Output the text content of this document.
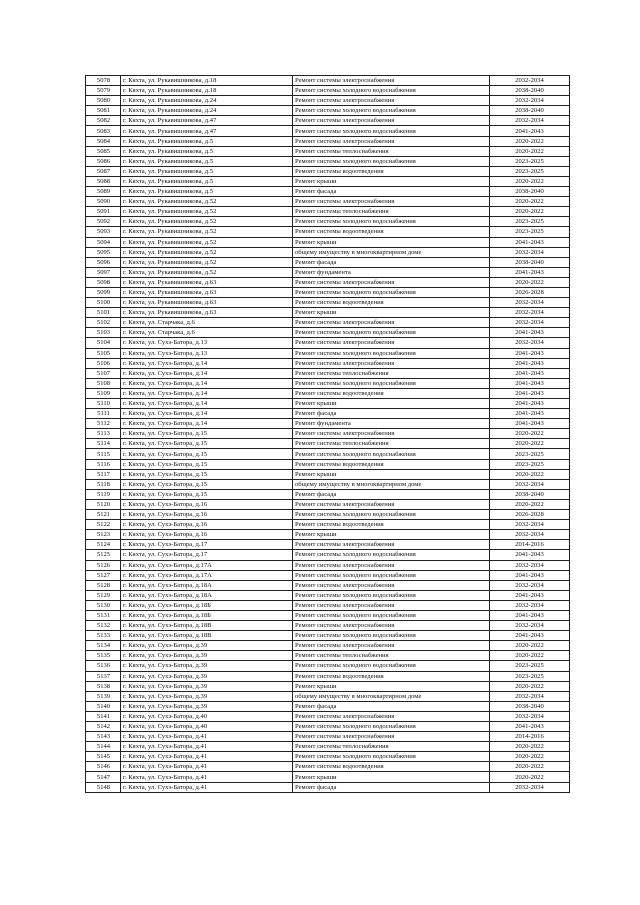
5078	г. Кяхта, ул. Рукавишникова, д.18	Ремонт системы электроснабжения	2032-2034
5079	г. Кяхта, ул. Рукавишникова, д.18	Ремонт системы холодного водоснабжения	2038-2040
5080	г. Кяхта, ул. Рукавишникова, д.24	Ремонт системы электроснабжения	2032-2034
5081	г. Кяхта, ул. Рукавишникова, д.24	Ремонт системы холодного водоснабжения	2038-2040
5082	г. Кяхта, ул. Рукавишникова, д.47	Ремонт системы электроснабжения	2032-2034
5083	г. Кяхта, ул. Рукавишникова, д.47	Ремонт системы холодного водоснабжения	2041-2043
5084	г. Кяхта, ул. Рукавишникова, д.5	Ремонт системы электроснабжения	2020-2022
5085	г. Кяхта, ул. Рукавишникова, д.5	Ремонт системы теплоснабжения	2020-2022
5086	г. Кяхта, ул. Рукавишникова, д.5	Ремонт системы холодного водоснабжения	2023-2025
5087	г. Кяхта, ул. Рукавишникова, д.5	Ремонт системы водоотведения	2023-2025
5088	г. Кяхта, ул. Рукавишникова, д.5	Ремонт крыши	2020-2022
5089	г. Кяхта, ул. Рукавишникова, д.5	Ремонт фасада	2038-2040
5090	г. Кяхта, ул. Рукавишникова, д.52	Ремонт системы электроснабжения	2020-2022
5091	г. Кяхта, ул. Рукавишникова, д.52	Ремонт системы теплоснабжения	2020-2022
5092	г. Кяхта, ул. Рукавишникова, д.52	Ремонт системы холодного водоснабжения	2023-2025
5093	г. Кяхта, ул. Рукавишникова, д.52	Ремонт системы водоотведения	2023-2025
5094	г. Кяхта, ул. Рукавишникова, д.52	Ремонт крыши	2041-2043
5095	г. Кяхта, ул. Рукавишникова, д.52	общему имуществу в многоквартирном доме	2032-2034
5096	г. Кяхта, ул. Рукавишникова, д.52	Ремонт фасада	2038-2040
5097	г. Кяхта, ул. Рукавишникова, д.52	Ремонт фундамента	2041-2043
5098	г. Кяхта, ул. Рукавишникова, д.63	Ремонт системы электроснабжения	2020-2022
5099	г. Кяхта, ул. Рукавишникова, д.63	Ремонт системы холодного водоснабжения	2026-2028
5100	г. Кяхта, ул. Рукавишникова, д.63	Ремонт системы водоотведения	2032-2034
5101	г. Кяхта, ул. Рукавишникова, д.63	Ремонт крыши	2032-2034
5102	г. Кяхта, ул. Старчака, д.6	Ремонт системы электроснабжения	2032-2034
5103	г. Кяхта, ул. Старчака, д.6	Ремонт системы холодного водоснабжения	2041-2043
5104	г. Кяхта, ул. Сухэ-Батора, д.13	Ремонт системы электроснабжения	2032-2034
5105	г. Кяхта, ул. Сухэ-Батора, д.13	Ремонт системы холодного водоснабжения	2041-2043
5106	г. Кяхта, ул. Сухэ-Батора, д.14	Ремонт системы электроснабжения	2041-2043
5107	г. Кяхта, ул. Сухэ-Батора, д.14	Ремонт системы теплоснабжения	2041-2043
5108	г. Кяхта, ул. Сухэ-Батора, д.14	Ремонт системы холодного водоснабжения	2041-2043
5109	г. Кяхта, ул. Сухэ-Батора, д.14	Ремонт системы водоотведения	2041-2043
5110	г. Кяхта, ул. Сухэ-Батора, д.14	Ремонт крыши	2041-2043
5111	г. Кяхта, ул. Сухэ-Батора, д.14	Ремонт фасада	2041-2043
5112	г. Кяхта, ул. Сухэ-Батора, д.14	Ремонт фундамента	2041-2043
5113	г. Кяхта, ул. Сухэ-Батора, д.15	Ремонт системы электроснабжения	2020-2022
5114	г. Кяхта, ул. Сухэ-Батора, д.15	Ремонт системы теплоснабжения	2020-2022
5115	г. Кяхта, ул. Сухэ-Батора, д.15	Ремонт системы холодного водоснабжения	2023-2025
5116	г. Кяхта, ул. Сухэ-Батора, д.15	Ремонт системы водоотведения	2023-2025
5117	г. Кяхта, ул. Сухэ-Батора, д.15	Ремонт крыши	2020-2022
5118	г. Кяхта, ул. Сухэ-Батора, д.15	общему имуществу в многоквартирном доме	2032-2034
5119	г. Кяхта, ул. Сухэ-Батора, д.15	Ремонт фасада	2038-2040
5120	г. Кяхта, ул. Сухэ-Батора, д.16	Ремонт системы электроснабжения	2020-2022
5121	г. Кяхта, ул. Сухэ-Батора, д.16	Ремонт системы холодного водоснабжения	2026-2028
5122	г. Кяхта, ул. Сухэ-Батора, д.16	Ремонт системы водоотведения	2032-2034
5123	г. Кяхта, ул. Сухэ-Батора, д.16	Ремонт крыши	2032-2034
5124	г. Кяхта, ул. Сухэ-Батора, д.17	Ремонт системы электроснабжения	2014-2016
5125	г. Кяхта, ул. Сухэ-Батора, д.17	Ремонт системы холодного водоснабжения	2041-2043
5126	г. Кяхта, ул. Сухэ-Батора, д.17А	Ремонт системы электроснабжения	2032-2034
5127	г. Кяхта, ул. Сухэ-Батора, д.17А	Ремонт системы холодного водоснабжения	2041-2043
5128	г. Кяхта, ул. Сухэ-Батора, д.18А	Ремонт системы электроснабжения	2032-2034
5129	г. Кяхта, ул. Сухэ-Батора, д.18А	Ремонт системы холодного водоснабжения	2041-2043
5130	г. Кяхта, ул. Сухэ-Батора, д.18Б	Ремонт системы электроснабжения	2032-2034
5131	г. Кяхта, ул. Сухэ-Батора, д.18Б	Ремонт системы холодного водоснабжения	2041-2043
5132	г. Кяхта, ул. Сухэ-Батора, д.18В	Ремонт системы электроснабжения	2032-2034
5133	г. Кяхта, ул. Сухэ-Батора, д.18В	Ремонт системы холодного водоснабжения	2041-2043
5134	г. Кяхта, ул. Сухэ-Батора, д.39	Ремонт системы электроснабжения	2020-2022
5135	г. Кяхта, ул. Сухэ-Батора, д.39	Ремонт системы теплоснабжения	2020-2022
5136	г. Кяхта, ул. Сухэ-Батора, д.39	Ремонт системы холодного водоснабжения	2023-2025
5137	г. Кяхта, ул. Сухэ-Батора, д.39	Ремонт системы водоотведения	2023-2025
5138	г. Кяхта, ул. Сухэ-Батора, д.39	Ремонт крыши	2020-2022
5139	г. Кяхта, ул. Сухэ-Батора, д.39	общему имуществу в многоквартирном доме	2032-2034
5140	г. Кяхта, ул. Сухэ-Батора, д.39	Ремонт фасада	2038-2040
5141	г. Кяхта, ул. Сухэ-Батора, д.40	Ремонт системы электроснабжения	2032-2034
5142	г. Кяхта, ул. Сухэ-Батора, д.40	Ремонт системы холодного водоснабжения	2041-2043
5143	г. Кяхта, ул. Сухэ-Батора, д.41	Ремонт системы электроснабжения	2014-2016
5144	г. Кяхта, ул. Сухэ-Батора, д.41	Ремонт системы теплоснабжения	2020-2022
5145	г. Кяхта, ул. Сухэ-Батора, д.41	Ремонт системы холодного водоснабжения	2020-2022
5146	г. Кяхта, ул. Сухэ-Батора, д.41	Ремонт системы водоотведения	2020-2022
5147	г. Кяхта, ул. Сухэ-Батора, д.41	Ремонт крыши	2020-2022
5148	г. Кяхта, ул. Сухэ-Батора, д.41	Ремонт фасада	2032-2034
